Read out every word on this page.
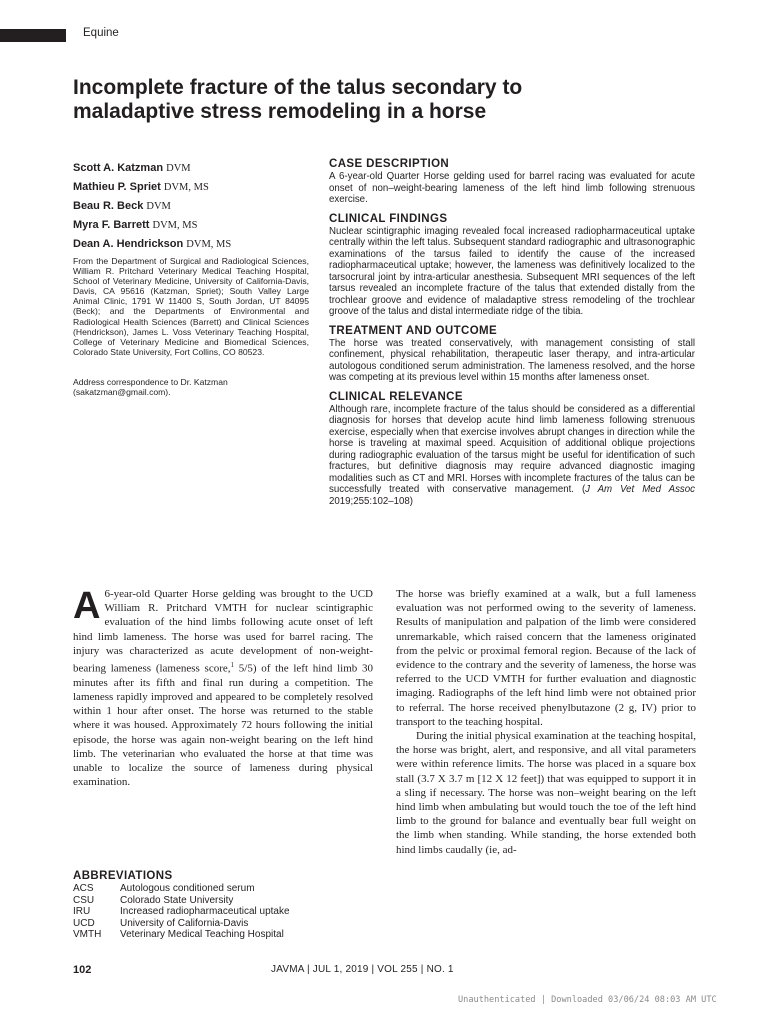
Equine
Incomplete fracture of the talus secondary to maladaptive stress remodeling in a horse
Scott A. Katzman DVM
Mathieu P. Spriet DVM, MS
Beau R. Beck DVM
Myra F. Barrett DVM, MS
Dean A. Hendrickson DVM, MS

From the Department of Surgical and Radiological Sciences, William R. Pritchard Veterinary Medical Teaching Hospital, School of Veterinary Medicine, University of California-Davis, Davis, CA 95616 (Katzman, Spriet); South Valley Large Animal Clinic, 1791 W 11400 S, South Jordan, UT 84095 (Beck); and the Departments of Environmental and Radiological Health Sciences (Barrett) and Clinical Sciences (Hendrickson), James L. Voss Veterinary Teaching Hospital, College of Veterinary Medicine and Biomedical Sciences, Colorado State University, Fort Collins, CO 80523.

Address correspondence to Dr. Katzman (sakatzman@gmail.com).

CASE DESCRIPTION

A 6-year-old Quarter Horse gelding used for barrel racing was evaluated for acute onset of non–weight-bearing lameness of the left hind limb following strenuous exercise.

CLINICAL FINDINGS

Nuclear scintigraphic imaging revealed focal increased radiopharmaceutical uptake centrally within the left talus. Subsequent standard radiographic and ultrasonographic examinations of the tarsus failed to identify the cause of the increased radiopharmaceutical uptake; however, the lameness was definitively localized to the tarsocrural joint by intra-articular anesthesia. Subsequent MRI sequences of the left tarsus revealed an incomplete fracture of the talus that extended distally from the trochlear groove and evidence of maladaptive stress remodeling of the trochlear groove of the talus and distal intermediate ridge of the tibia.

TREATMENT AND OUTCOME

The horse was treated conservatively, with management consisting of stall confinement, physical rehabilitation, therapeutic laser therapy, and intra-articular autologous conditioned serum administration. The lameness resolved, and the horse was competing at its previous level within 15 months after lameness onset.

CLINICAL RELEVANCE

Although rare, incomplete fracture of the talus should be considered as a differential diagnosis for horses that develop acute hind limb lameness following strenuous exercise, especially when that exercise involves abrupt changes in direction while the horse is traveling at maximal speed. Acquisition of additional oblique projections during radiographic evaluation of the tarsus might be useful for identification of such fractures, but definitive diagnosis may require advanced diagnostic imaging modalities such as CT and MRI. Horses with incomplete fractures of the talus can be successfully treated with conservative management. (J Am Vet Med Assoc 2019;255:102–108)

A 6-year-old Quarter Horse gelding was brought to the UCD William R. Pritchard VMTH for nuclear scintigraphic evaluation of the hind limbs following acute onset of left hind limb lameness. The horse was used for barrel racing. The injury was characterized as acute development of non-weight-bearing lameness (lameness score,$^1$ 5/5) of the left hind limb 30 minutes after its fifth and final run during a competition. The lameness rapidly improved and appeared to be completely resolved within 1 hour after onset. The horse was returned to the stable where it was housed. Approximately 72 hours following the initial episode, the horse was again non-weight bearing on the left hind limb. The veterinarian who evaluated the horse at that time was unable to localize the source of lameness during physical examination.

ABBREVIATIONS
ACS	Autologous conditioned serum
CSU	Colorado State University
IRU	Increased radiopharmaceutical uptake
UCD	University of California-Davis
VMTH Veterinary Medical Teaching Hospital

The horse was briefly examined at a walk, but a full lameness evaluation was not performed owing to the severity of lameness. Results of manipulation and palpation of the limb were considered unremarkable, which raised concern that the lameness originated from the pelvic or proximal femoral region. Because of the lack of evidence to the contrary and the severity of lameness, the horse was referred to the UCD VMTH for further evaluation and diagnostic imaging. Radiographs of the left hind limb were not obtained prior to referral. The horse received phenylbutazone (2 g, IV) prior to transport to the teaching hospital.

During the initial physical examination at the teaching hospital, the horse was bright, alert, and responsive, and all vital parameters were within reference limits. The horse was placed in a square box stall (3.7 X 3.7 m [12 X 12 feet]) that was equipped to support it in a sling if necessary. The horse was non–weight bearing on the left hind limb when ambulating but would touch the toe of the left hind limb to the ground for balance and eventually bear full weight on the limb when standing. While standing, the horse extended both hind limbs caudally (ie, ad-

102	JAVMA | JUL 1, 2019 | VOL 255 | NO. 1
Unauthenticated | Downloaded 03/06/24 08:03 AM UTC
